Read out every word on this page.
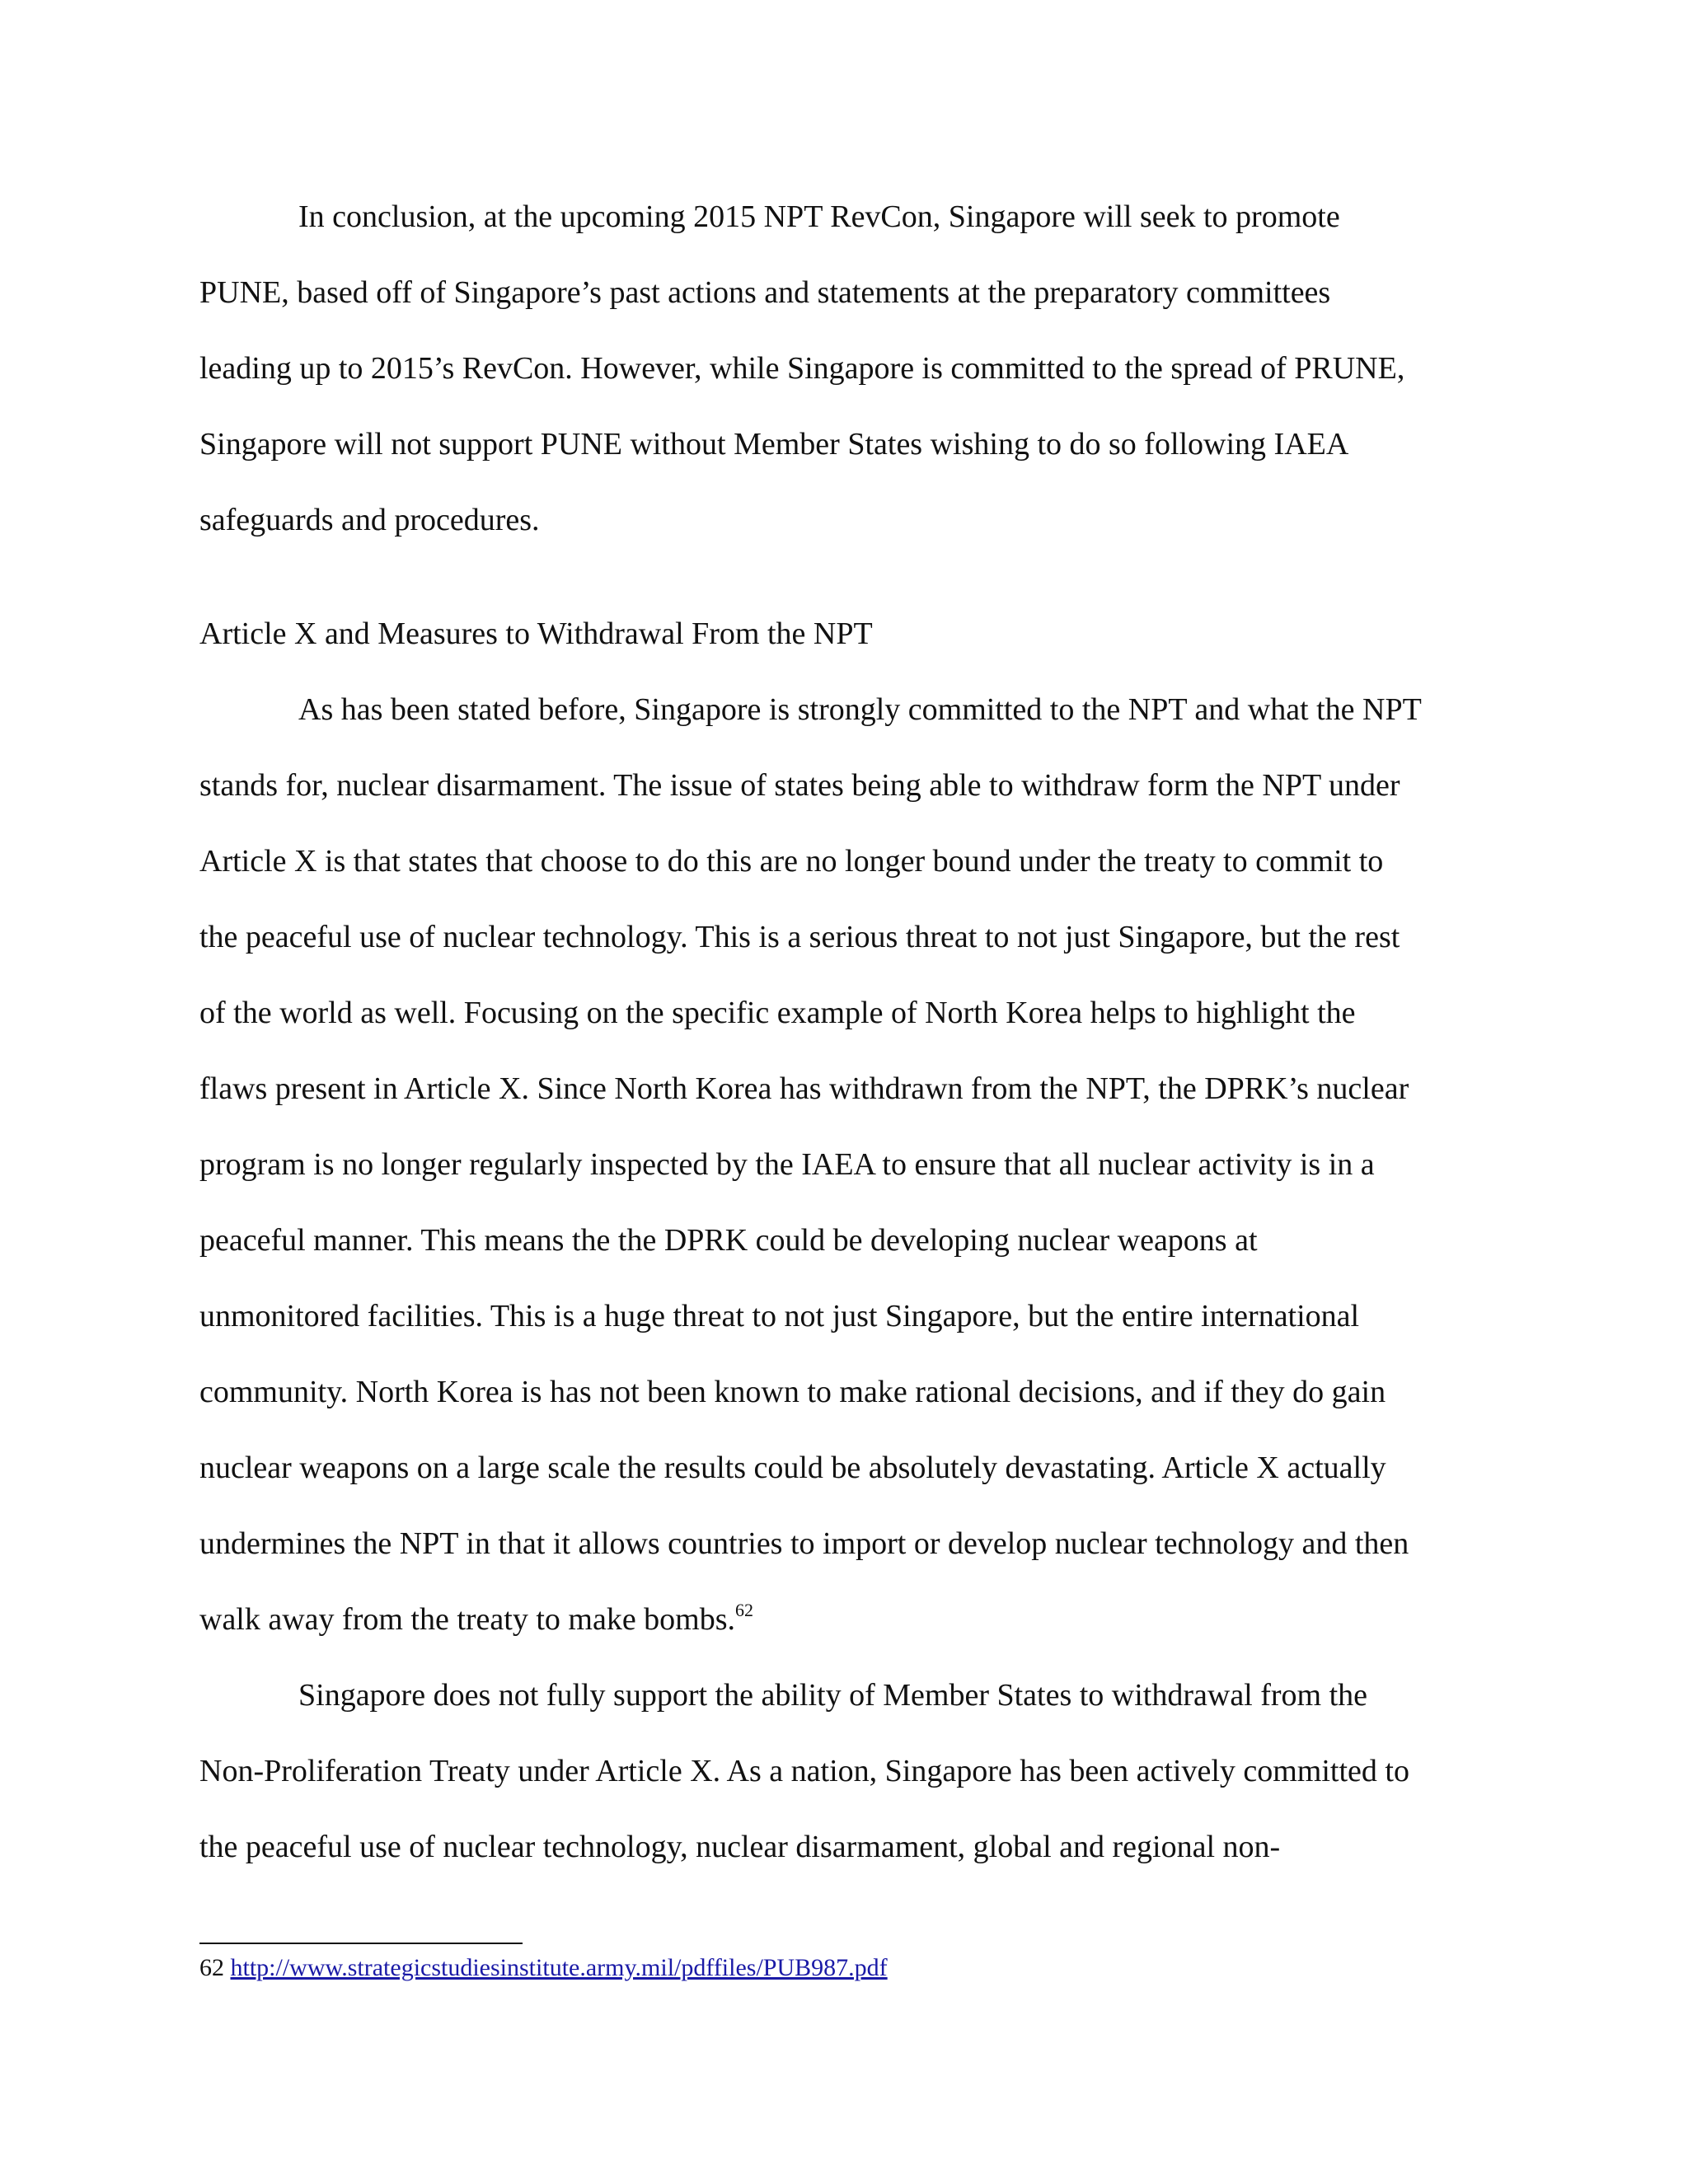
In conclusion, at the upcoming 2015 NPT RevCon, Singapore will seek to promote
PUNE, based off of Singapore’s past actions and statements at the preparatory committees
leading up to 2015’s RevCon. However, while Singapore is committed to the spread of PRUNE,
Singapore will not support PUNE without Member States wishing to do so following IAEA
safeguards and procedures.
Article X and Measures to Withdrawal From the NPT
As has been stated before, Singapore is strongly committed to the NPT and what the NPT
stands for, nuclear disarmament. The issue of states being able to withdraw form the NPT under
Article X is that states that choose to do this are no longer bound under the treaty to commit to
the peaceful use of nuclear technology. This is a serious threat to not just Singapore, but the rest
of the world as well. Focusing on the specific example of North Korea helps to highlight the
flaws present in Article X. Since North Korea has withdrawn from the NPT, the DPRK’s nuclear
program is no longer regularly inspected by the IAEA to ensure that all nuclear activity is in a
peaceful manner. This means the the DPRK could be developing nuclear weapons at
unmonitored facilities. This is a huge threat to not just Singapore, but the entire international
community. North Korea is has not been known to make rational decisions, and if they do gain
nuclear weapons on a large scale the results could be absolutely devastating. Article X actually
undermines the NPT in that it allows countries to import or develop nuclear technology and then
walk away from the treaty to make bombs.$^{62}$
Singapore does not fully support the ability of Member States to withdrawal from the
Non-Proliferation Treaty under Article X. As a nation, Singapore has been actively committed to
the peaceful use of nuclear technology, nuclear disarmament, global and regional non-
62 http://www.strategicstudiesinstitute.army.mil/pdffiles/PUB987.pdf
